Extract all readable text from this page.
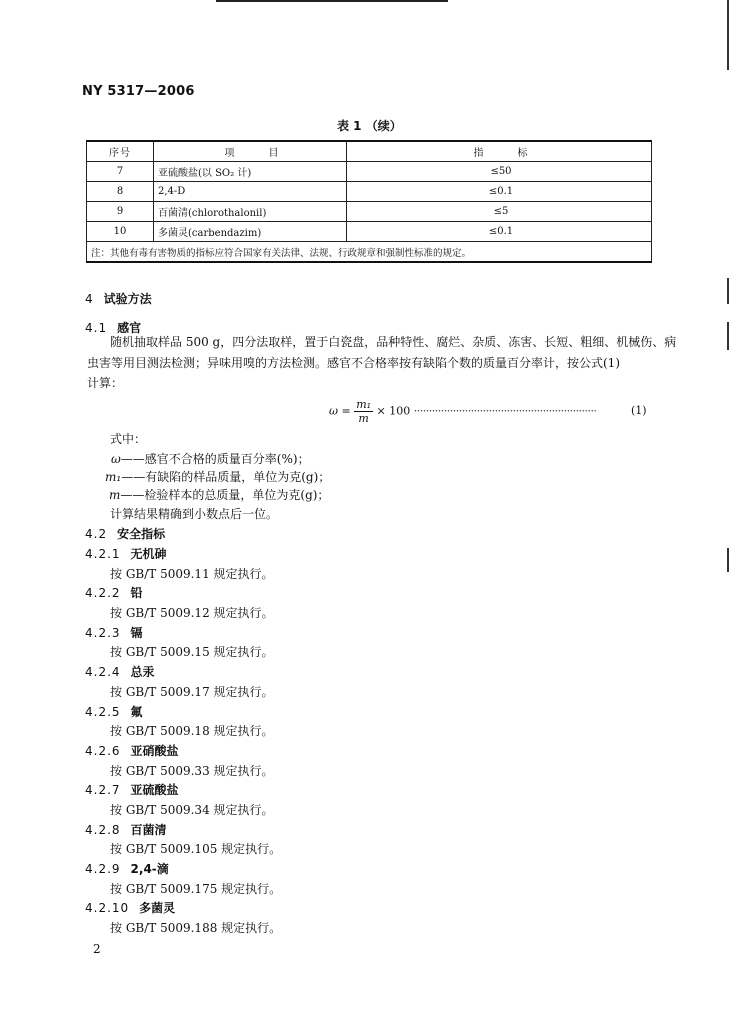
NY 5317—2006
表 1 （续）
序号	项　　　目	指　　　标
7	亚硫酸盐(以 SO₂ 计)	≤50
8	2,4-D	≤0.1
9	百菌清(chlorothalonil)	≤5
10	多菌灵(carbendazim)	≤0.1
注：其他有毒有害物质的指标应符合国家有关法律、法规、行政规章和强制性标准的规定。		
4 试验方法
4.1 感官
随机抽取样品 500 g，四分法取样，置于白瓷盘，品种特性、腐烂、杂质、冻害、长短、粗细、机械伤、病
虫害等用目测法检测；异味用嗅的方法检测。感官不合格率按有缺陷个数的质量百分率计，按公式(1)
计算：
$\omega = \frac{\text{m₁}}{m} \times 100$ ·····························································	(1)
式中：
ω——感官不合格的质量百分率(%)；
m₁——有缺陷的样品质量，单位为克(g)；
m——检验样本的总质量，单位为克(g)；
计算结果精确到小数点后一位。
4.2 安全指标
4.2.1 无机砷
按 GB/T 5009.11 规定执行。
4.2.2 铅
按 GB/T 5009.12 规定执行。
4.2.3 镉
按 GB/T 5009.15 规定执行。
4.2.4 总汞
按 GB/T 5009.17 规定执行。
4.2.5 氟
按 GB/T 5009.18 规定执行。
4.2.6 亚硝酸盐
按 GB/T 5009.33 规定执行。
4.2.7 亚硫酸盐
按 GB/T 5009.34 规定执行。
4.2.8 百菌清
按 GB/T 5009.105 规定执行。
4.2.9 2,4-滴
按 GB/T 5009.175 规定执行。
4.2.10 多菌灵
按 GB/T 5009.188 规定执行。
2
